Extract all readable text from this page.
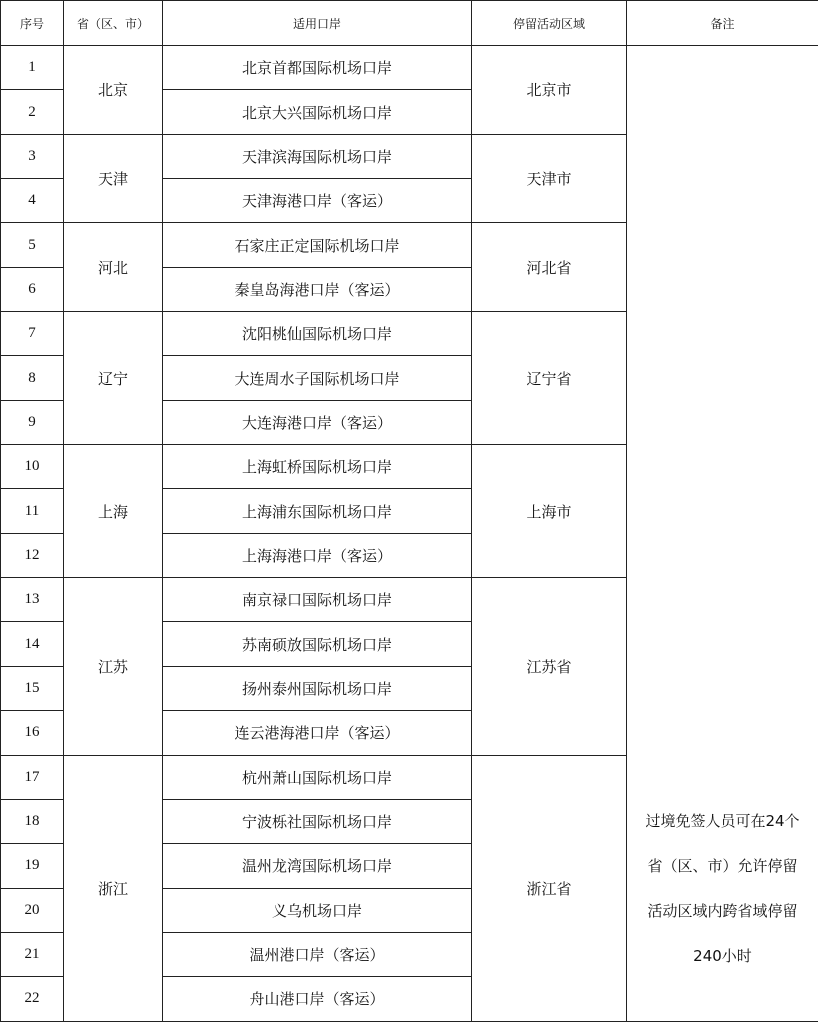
序号	省（区、市）	适用口岸	停留活动区域	备注
1	北京	北京首都国际机场口岸	北京市	过境免签人员可在24个
省（区、市）允许停留
活动区域内跨省域停留
240小时

2		北京大兴国际机场口岸		
3	天津	天津滨海国际机场口岸	天津市	
4		天津海港口岸（客运）		
5	河北	石家庄正定国际机场口岸	河北省	
6		秦皇岛海港口岸（客运）		
7	辽宁	沈阳桃仙国际机场口岸	辽宁省	
8		大连周水子国际机场口岸		
9		大连海港口岸（客运）		
10	上海	上海虹桥国际机场口岸	上海市	
11		上海浦东国际机场口岸		
12		上海海港口岸（客运）		
13	江苏	南京禄口国际机场口岸	江苏省	
14		苏南硕放国际机场口岸		
15		扬州泰州国际机场口岸		
16		连云港海港口岸（客运）		
17	浙江	杭州萧山国际机场口岸	浙江省	
18		宁波栎社国际机场口岸		
19		温州龙湾国际机场口岸		
20		义乌机场口岸		
21		温州港口岸（客运）		
22		舟山港口岸（客运）		
